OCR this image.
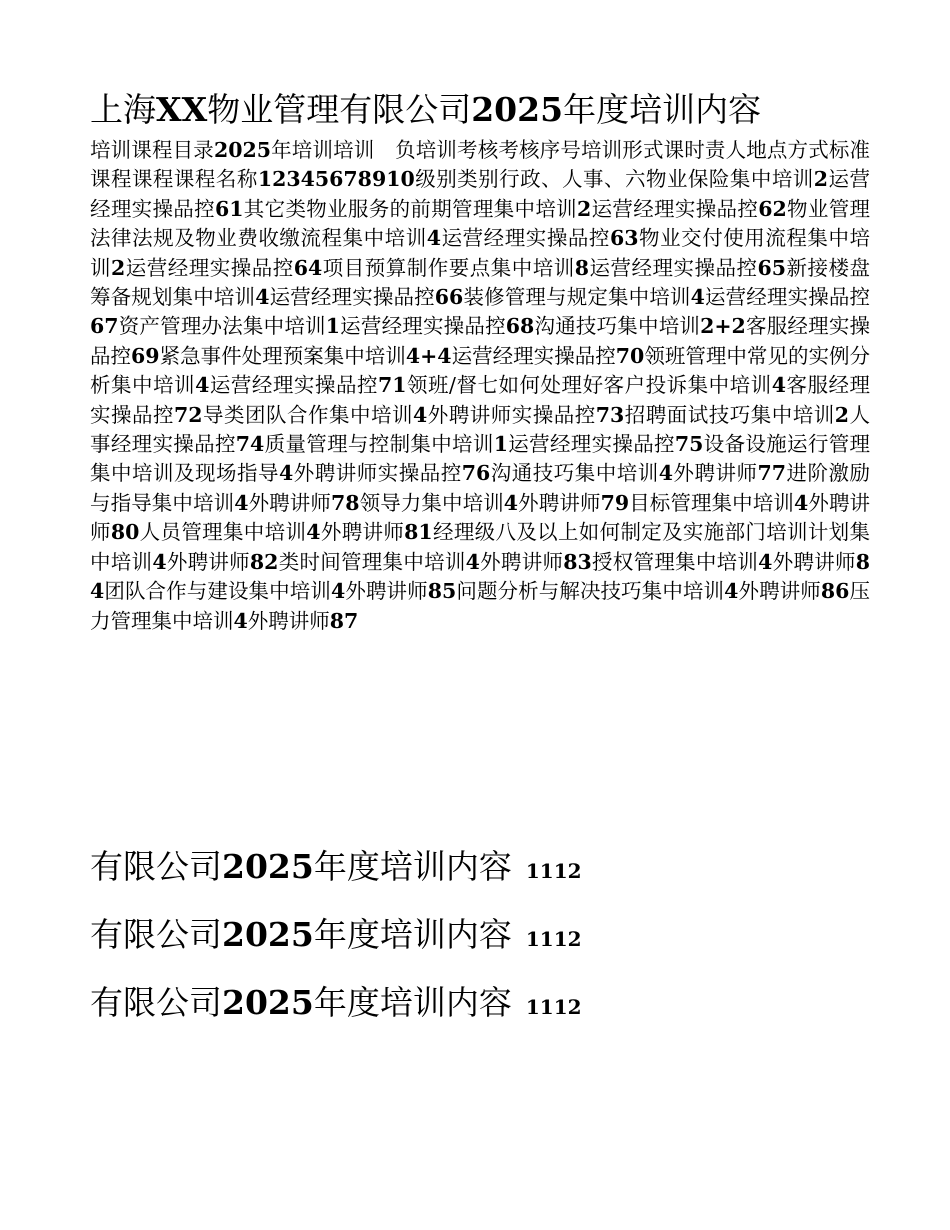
上海XX物业管理有限公司2025年度培训内容

培训课程目录2025年培训培训　负培训考核考核序号培训形式课时责人地点方式标准课程课程课程名称12345678910级别类别行政、人事、六物业保险集中培训2运营经理实操品控61其它类物业服务的前期管理集中培训2运营经理实操品控62物业管理法律法规及物业费收缴流程集中培训4运营经理实操品控63物业交付使用流程集中培训2运营经理实操品控64项目预算制作要点集中培训8运营经理实操品控65新接楼盘筹备规划集中培训4运营经理实操品控66装修管理与规定集中培训4运营经理实操品控67资产管理办法集中培训1运营经理实操品控68沟通技巧集中培训2+2客服经理实操品控69紧急事件处理预案集中培训4+4运营经理实操品控70领班管理中常见的实例分析集中培训4运营经理实操品控71领班/督七如何处理好客户投诉集中培训4客服经理实操品控72导类团队合作集中培训4外聘讲师实操品控73招聘面试技巧集中培训2人事经理实操品控74质量管理与控制集中培训1运营经理实操品控75设备设施运行管理集中培训及现场指导4外聘讲师实操品控76沟通技巧集中培训4外聘讲师77进阶激励与指导集中培训4外聘讲师78领导力集中培训4外聘讲师79目标管理集中培训4外聘讲师80人员管理集中培训4外聘讲师81经理级八及以上如何制定及实施部门培训计划集中培训4外聘讲师82类时间管理集中培训4外聘讲师83授权管理集中培训4外聘讲师84团队合作与建设集中培训4外聘讲师85问题分析与解决技巧集中培训4外聘讲师86压力管理集中培训4外聘讲师87

有限公司2025年度培训内容 1112
有限公司2025年度培训内容 1112
有限公司2025年度培训内容 1112
